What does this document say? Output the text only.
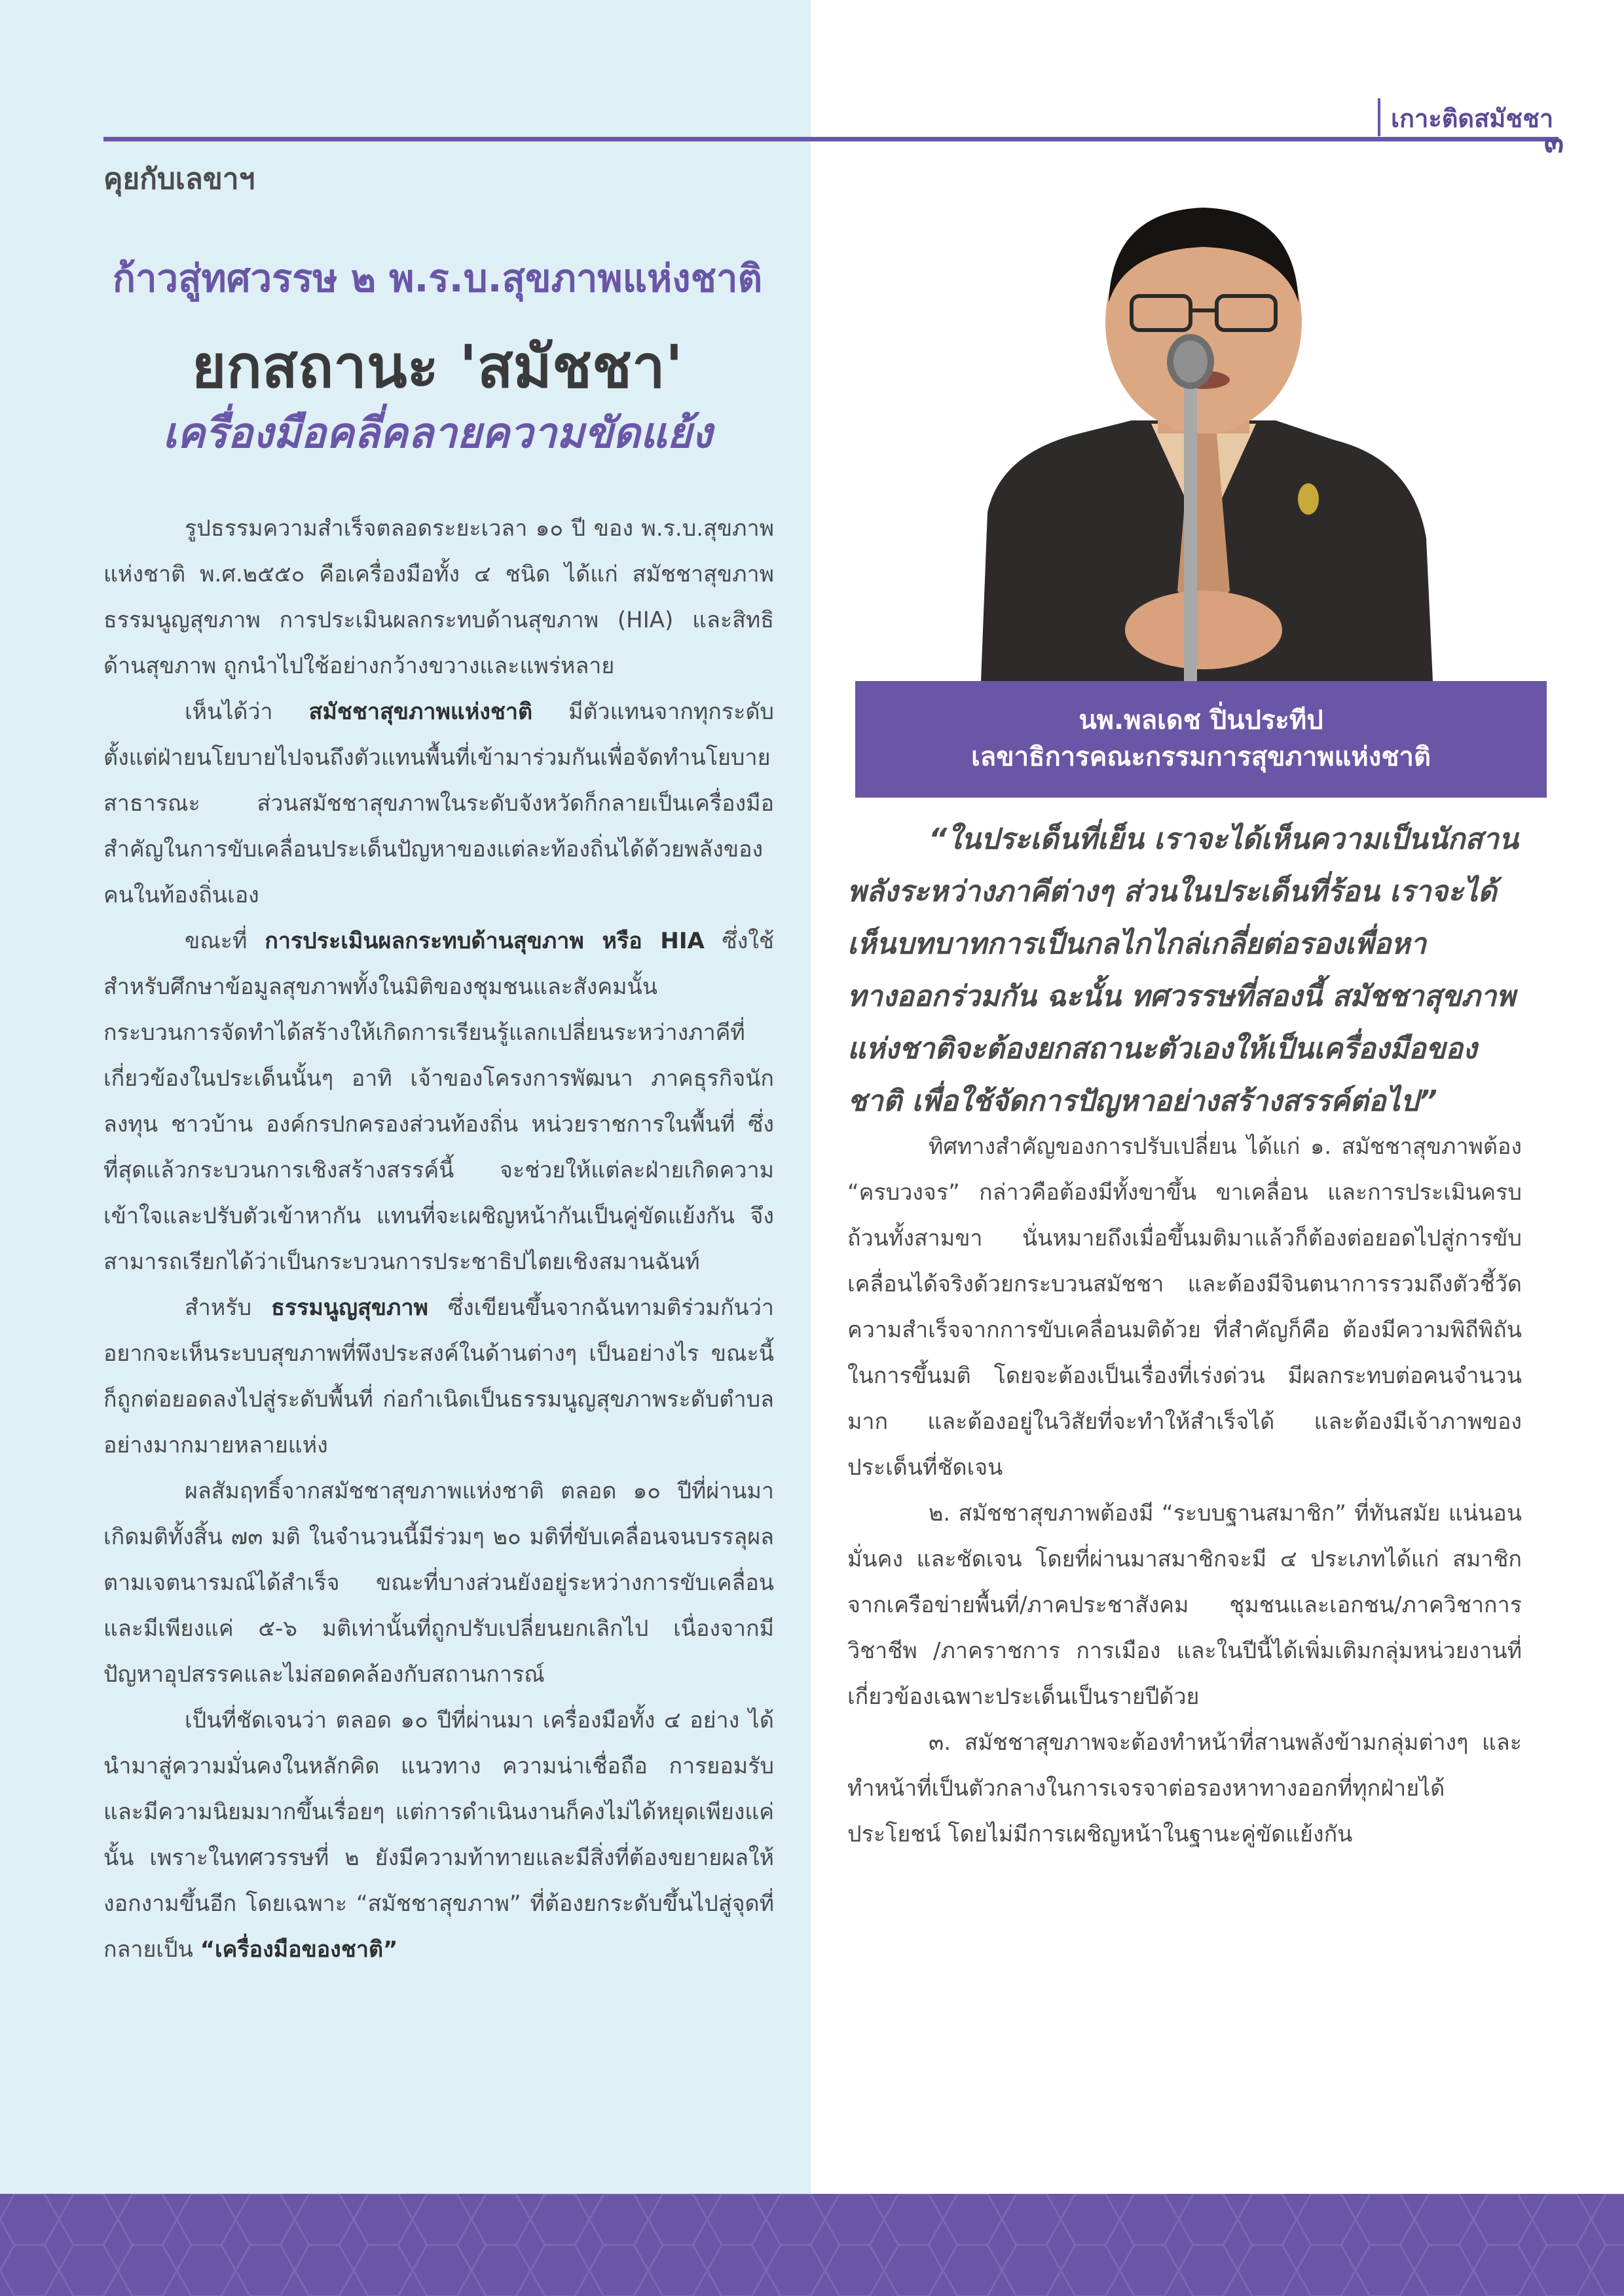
เกาะติดสมัชชา
๓
คุยกับเลขาฯ
ก้าวสู่ทศวรรษ ๒ พ.ร.บ.สุขภาพแห่งชาติ
ยกสถานะ 'สมัชชา'
เครื่องมือคลี่คลายความขัดแย้ง

รูปธรรมความสำเร็จตลอดระยะเวลา ๑๐ ปี ของ พ.ร.บ.สุขภาพแห่งชาติ พ.ศ.๒๕๕๐ คือเครื่องมือทั้ง ๔ ชนิด ได้แก่ สมัชชาสุขภาพ ธรรมนูญสุขภาพ การประเมินผลกระทบด้านสุขภาพ (HIA) และสิทธิด้านสุขภาพ ถูกนำไปใช้อย่างกว้างขวางและแพร่หลาย

เห็นได้ว่า สมัชชาสุขภาพแห่งชาติ มีตัวแทนจากทุกระดับ ตั้งแต่ฝ่ายนโยบายไปจนถึงตัวแทนพื้นที่เข้ามาร่วมกันเพื่อจัดทำนโยบายสาธารณะ ส่วนสมัชชาสุขภาพในระดับจังหวัดก็กลายเป็นเครื่องมือสำคัญในการขับเคลื่อนประเด็นปัญหาของแต่ละท้องถิ่นได้ด้วยพลังของคนในท้องถิ่นเอง

ขณะที่ การประเมินผลกระทบด้านสุขภาพ หรือ HIA ซึ่งใช้สำหรับศึกษาข้อมูลสุขภาพทั้งในมิติของชุมชนและสังคมนั้น กระบวนการจัดทำได้สร้างให้เกิดการเรียนรู้แลกเปลี่ยนระหว่างภาคีที่เกี่ยวข้องในประเด็นนั้นๆ อาทิ เจ้าของโครงการพัฒนา ภาคธุรกิจนักลงทุน ชาวบ้าน องค์กรปกครองส่วนท้องถิ่น หน่วยราชการในพื้นที่ ซึ่งที่สุดแล้วกระบวนการเชิงสร้างสรรค์นี้ จะช่วยให้แต่ละฝ่ายเกิดความเข้าใจและปรับตัวเข้าหากัน แทนที่จะเผชิญหน้ากันเป็นคู่ขัดแย้งกัน จึงสามารถเรียกได้ว่าเป็นกระบวนการประชาธิปไตยเชิงสมานฉันท์

สำหรับ ธรรมนูญสุขภาพ ซึ่งเขียนขึ้นจากฉันทามติร่วมกันว่าอยากจะเห็นระบบสุขภาพที่พึงประสงค์ในด้านต่างๆ เป็นอย่างไร ขณะนี้ก็ถูกต่อยอดลงไปสู่ระดับพื้นที่ ก่อกำเนิดเป็นธรรมนูญสุขภาพระดับตำบลอย่างมากมายหลายแห่ง

ผลสัมฤทธิ์จากสมัชชาสุขภาพแห่งชาติ ตลอด ๑๐ ปีที่ผ่านมา เกิดมติทั้งสิ้น ๗๓ มติ ในจำนวนนี้มีร่วมๆ ๒๐ มติที่ขับเคลื่อนจนบรรลุผลตามเจตนารมณ์ได้สำเร็จ ขณะที่บางส่วนยังอยู่ระหว่างการขับเคลื่อน และมีเพียงแค่ ๕-๖ มติเท่านั้นที่ถูกปรับเปลี่ยนยกเลิกไป เนื่องจากมีปัญหาอุปสรรคและไม่สอดคล้องกับสถานการณ์

เป็นที่ชัดเจนว่า ตลอด ๑๐ ปีที่ผ่านมา เครื่องมือทั้ง ๔ อย่าง ได้นำมาสู่ความมั่นคงในหลักคิด แนวทาง ความน่าเชื่อถือ การยอมรับ และมีความนิยมมากขึ้นเรื่อยๆ แต่การดำเนินงานก็คงไม่ได้หยุดเพียงแค่นั้น เพราะในทศวรรษที่ ๒ ยังมีความท้าทายและมีสิ่งที่ต้องขยายผลให้งอกงามขึ้นอีก โดยเฉพาะ “สมัชชาสุขภาพ” ที่ต้องยกระดับขึ้นไปสู่จุดที่กลายเป็น “เครื่องมือของชาติ”

นพ.พลเดช ปิ่นประทีป
เลขาธิการคณะกรรมการสุขภาพแห่งชาติ
“ในประเด็นที่เย็น เราจะได้เห็นความเป็นนักสานพลังระหว่างภาคีต่างๆ ส่วนในประเด็นที่ร้อน เราจะได้เห็นบทบาทการเป็นกลไกไกล่เกลี่ยต่อรองเพื่อหาทางออกร่วมกัน ฉะนั้น ทศวรรษที่สองนี้ สมัชชาสุขภาพแห่งชาติจะต้องยกสถานะตัวเองให้เป็นเครื่องมือของชาติ เพื่อใช้จัดการปัญหาอย่างสร้างสรรค์ต่อไป”

ทิศทางสำคัญของการปรับเปลี่ยน ได้แก่ ๑. สมัชชาสุขภาพต้อง “ครบวงจร” กล่าวคือต้องมีทั้งขาขึ้น ขาเคลื่อน และการประเมินครบถ้วนทั้งสามขา นั่นหมายถึงเมื่อขึ้นมติมาแล้วก็ต้องต่อยอดไปสู่การขับเคลื่อนได้จริงด้วยกระบวนสมัชชา และต้องมีจินตนาการรวมถึงตัวชี้วัดความสำเร็จจากการขับเคลื่อนมติด้วย ที่สำคัญก็คือ ต้องมีความพิถีพิถันในการขึ้นมติ โดยจะต้องเป็นเรื่องที่เร่งด่วน มีผลกระทบต่อคนจำนวนมาก และต้องอยู่ในวิสัยที่จะทำให้สำเร็จได้ และต้องมีเจ้าภาพของประเด็นที่ชัดเจน

๒. สมัชชาสุขภาพต้องมี “ระบบฐานสมาชิก” ที่ทันสมัย แน่นอน มั่นคง และชัดเจน โดยที่ผ่านมาสมาชิกจะมี ๔ ประเภทได้แก่ สมาชิกจากเครือข่ายพื้นที่/ภาคประชาสังคม ชุมชนและเอกชน/ภาควิชาการ วิชาชีพ /ภาคราชการ การเมือง และในปีนี้ได้เพิ่มเติมกลุ่มหน่วยงานที่เกี่ยวข้องเฉพาะประเด็นเป็นรายปีด้วย

๓. สมัชชาสุขภาพจะต้องทำหน้าที่สานพลังข้ามกลุ่มต่างๆ และทำหน้าที่เป็นตัวกลางในการเจรจาต่อรองหาทางออกที่ทุกฝ่ายได้ประโยชน์ โดยไม่มีการเผชิญหน้าในฐานะคู่ขัดแย้งกัน
